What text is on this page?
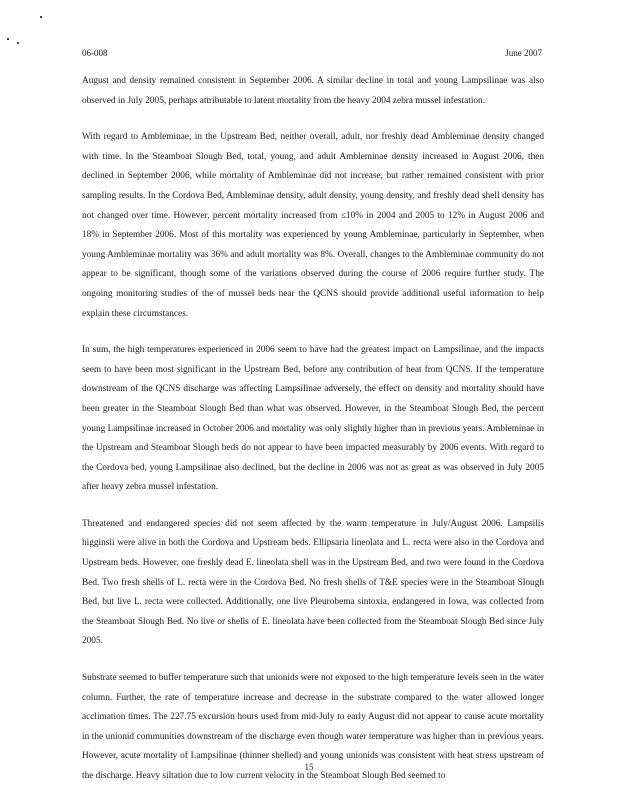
06-008	June 2007

August and density remained consistent in September 2006. A similar decline in total and young Lampsilinae was also observed in July 2005, perhaps attributable to latent mortality from the heavy 2004 zebra mussel infestation.

With regard to Ambleminae, in the Upstream Bed, neither overall, adult, nor freshly dead Ambleminae density changed with time. In the Steamboat Slough Bed, total, young, and adult Ambleminae density increased in August 2006, then declined in September 2006, while mortality of Ambleminae did not increase, but rather remained consistent with prior sampling results. In the Cordova Bed, Ambleminae density, adult density, young density, and freshly dead shell density has not changed over time. However, percent mortality increased from ≤10% in 2004 and 2005 to 12% in August 2006 and 18% in September 2006. Most of this mortality was experienced by young Ambleminae, particularly in September, when young Ambleminae mortality was 36% and adult mortality was 8%. Overall, changes to the Ambleminae community do not appear to be significant, though some of the variations observed during the course of 2006 require further study. The ongoing monitoring studies of the of mussel beds near the QCNS should provide additional useful information to help explain these circumstances.

In sum, the high temperatures experienced in 2006 seem to have had the greatest impact on Lampsilinae, and the impacts seem to have been most significant in the Upstream Bed, before any contribution of heat from QCNS. If the temperature downstream of the QCNS discharge was affecting Lampsilinae adversely, the effect on density and mortality should have been greater in the Steamboat Slough Bed than what was observed. However, in the Steamboat Slough Bed, the percent young Lampsilinae increased in October 2006 and mortality was only slightly higher than in previous years. Ambleminae in the Upstream and Steamboat Slough beds do not appear to have been impacted measurably by 2006 events. With regard to the Cordova bed, young Lampsilinae also declined, but the decline in 2006 was not as great as was observed in July 2005 after heavy zebra mussel infestation.

Threatened and endangered species did not seem affected by the warm temperature in July/August 2006. Lampsilis higginsii were alive in both the Cordova and Upstream beds. Ellipsaria lineolata and L. recta were also in the Cordova and Upstream beds. However, one freshly dead E. lineolata shell was in the Upstream Bed, and two were found in the Cordova Bed. Two fresh shells of L. recta were in the Cordova Bed. No fresh shells of T&E species were in the Steamboat Slough Bed, but live L. recta were collected. Additionally, one live Pleurobema sintoxia, endangered in Iowa, was collected from the Steamboat Slough Bed. No live or shells of E. lineolata have been collected from the Steamboat Slough Bed since July 2005.

Substrate seemed to buffer temperature such that unionids were not exposed to the high temperature levels seen in the water column. Further, the rate of temperature increase and decrease in the substrate compared to the water allowed longer acclimation times. The 227.75 excursion hours used from mid-July to early August did not appear to cause acute mortality in the unionid communities downstream of the discharge even though water temperature was higher than in previous years. However, acute mortality of Lampsilinae (thinner shelled) and young unionids was consistent with heat stress upstream of the discharge. Heavy siltation due to low current velocity in the Steamboat Slough Bed seemed to

15
